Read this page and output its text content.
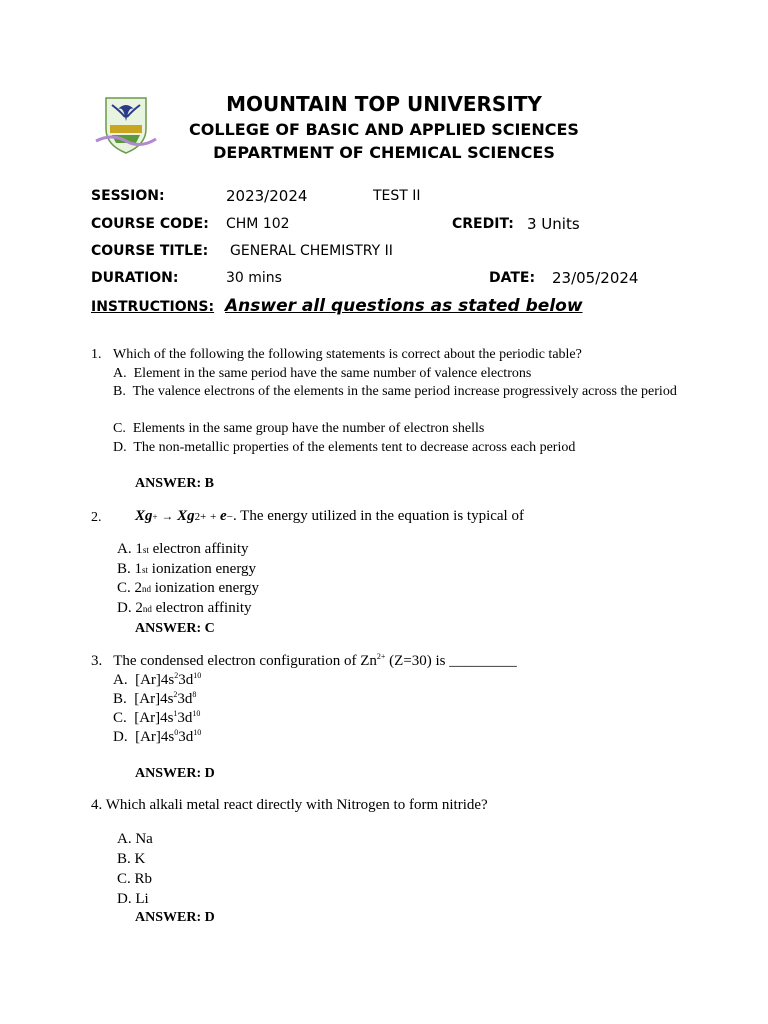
MOUNTAIN TOP UNIVERSITY
COLLEGE OF BASIC AND APPLIED SCIENCES
DEPARTMENT OF CHEMICAL SCIENCES
SESSION:	2023/2024	TEST II
COURSE CODE: CHM 102	CREDIT: 3 Units
COURSE TITLE: GENERAL CHEMISTRY II
DURATION:	30 mins	DATE: 23/05/2024
INSTRUCTIONS: Answer all questions as stated below
1. Which of the following the following statements is correct about the periodic table?
A. Element in the same period have the same number of valence electrons
B. The valence electrons of the elements in the same period increase progressively across the period
C. Elements in the same group have the number of electron shells
D. The non-metallic properties of the elements tent to decrease across each period
ANSWER: B
2. Xg+ → Xg2+ + e−. The energy utilized in the equation is typical of
A. 1st electron affinity
B. 1st ionization energy
C. 2nd ionization energy
D. 2nd electron affinity
ANSWER: C
3. The condensed electron configuration of $Zn^{2+}$ (Z=30) is _________
A. $[Ar]4s^23d^{10}$
B. $[Ar]4s^23d^8$
C. $[Ar]4s^13d^{10}$
D. $[Ar]4s^03d^{10}$
ANSWER: D
4. Which alkali metal react directly with Nitrogen to form nitride?
A. Na
B. K
C. Rb
D. Li
ANSWER: D
